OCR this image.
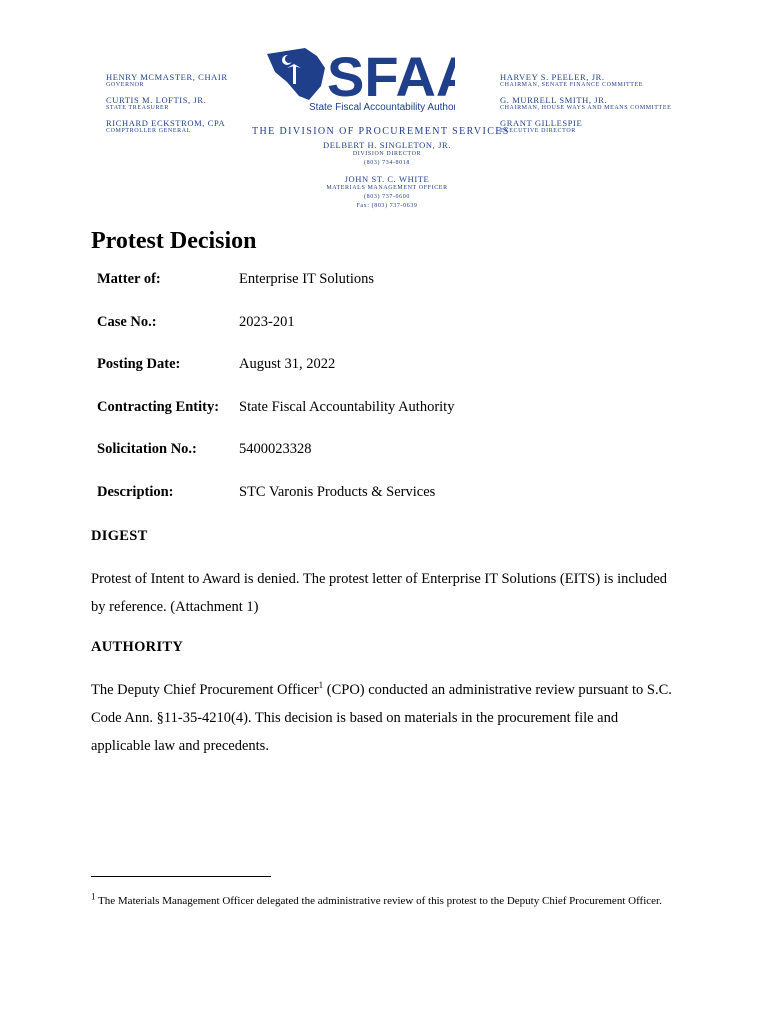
HENRY MCMASTER, CHAIR
GOVERNOR
CURTIS M. LOFTIS, JR.
STATE TREASURER
RICHARD ECKSTROM, CPA
COMPTROLLER GENERAL
SFA
State Fiscal Accountability Authority
HARVEY S. PEELER, JR.
CHAIRMAN, SENATE FINANCE COMMITTEE
G. MURRELL SMITH, JR.
CHAIRMAN, HOUSE WAYS AND MEANS COMMITTEE
GRANT GILLESPIE
EXECUTIVE DIRECTOR
THE DIVISION OF PROCUREMENT SERVICES
DELBERT H. SINGLETON, JR.
DIVISION DIRECTOR
(803) 734-8018
JOHN ST. C. WHITE
MATERIALS MANAGEMENT OFFICER
(803) 737-0600
Fax: (803) 737-0639
Protest Decision
Matter of:	Enterprise IT Solutions
Case No.:	2023-201
Posting Date:	August 31, 2022
Contracting Entity:	State Fiscal Accountability Authority
Solicitation No.:	5400023328
Description:	STC Varonis Products & Services
DIGEST
Protest of Intent to Award is denied. The protest letter of Enterprise IT Solutions (EITS) is included by reference. (Attachment 1)
AUTHORITY
The Deputy Chief Procurement Officer$^1$ (CPO) conducted an administrative review pursuant to S.C. Code Ann. §11-35-4210(4). This decision is based on materials in the procurement file and applicable law and precedents.
$^1$ The Materials Management Officer delegated the administrative review of this protest to the Deputy Chief Procurement Officer.
